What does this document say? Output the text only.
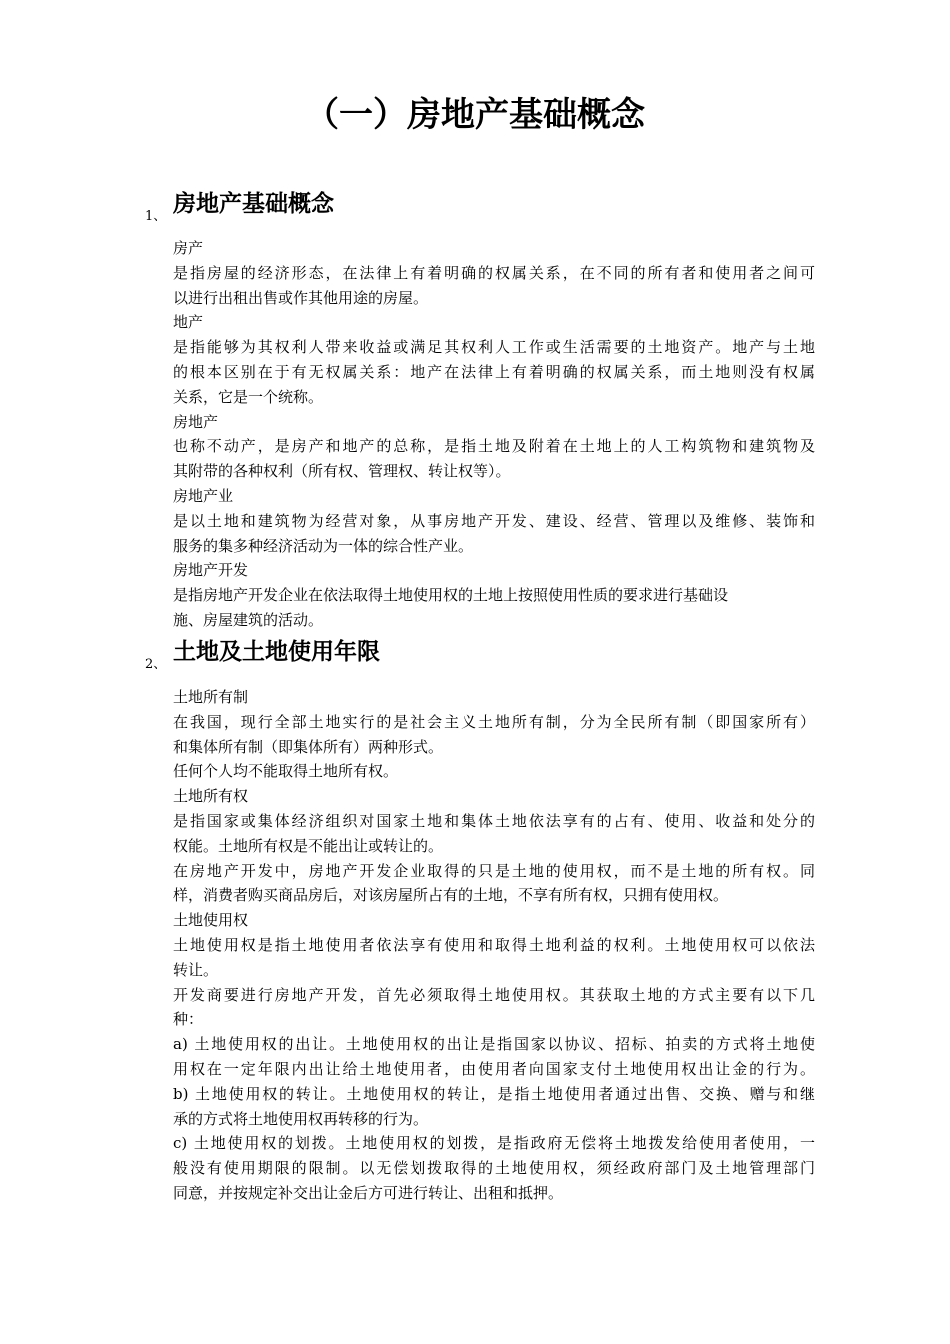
（一）房地产基础概念
1、 房地产基础概念
房产
是指房屋的经济形态，在法律上有着明确的权属关系，在不同的所有者和使用者之间可
以进行出租出售或作其他用途的房屋。
地产
是指能够为其权利人带来收益或满足其权利人工作或生活需要的土地资产。地产与土地
的根本区别在于有无权属关系：地产在法律上有着明确的权属关系，而土地则没有权属
关系，它是一个统称。
房地产
也称不动产，是房产和地产的总称，是指土地及附着在土地上的人工构筑物和建筑物及
其附带的各种权利（所有权、管理权、转让权等）。
房地产业
是以土地和建筑物为经营对象，从事房地产开发、建设、经营、管理以及维修、装饰和
服务的集多种经济活动为一体的综合性产业。
房地产开发
是指房地产开发企业在依法取得土地使用权的土地上按照使用性质的要求进行基础设
施、房屋建筑的活动。
2、 土地及土地使用年限
土地所有制
在我国，现行全部土地实行的是社会主义土地所有制，分为全民所有制（即国家所有）
和集体所有制（即集体所有）两种形式。
任何个人均不能取得土地所有权。
土地所有权
是指国家或集体经济组织对国家土地和集体土地依法享有的占有、使用、收益和处分的
权能。土地所有权是不能出让或转让的。
在房地产开发中，房地产开发企业取得的只是土地的使用权，而不是土地的所有权。同
样，消费者购买商品房后，对该房屋所占有的土地，不享有所有权，只拥有使用权。
土地使用权
土地使用权是指土地使用者依法享有使用和取得土地利益的权利。土地使用权可以依法
转让。
开发商要进行房地产开发，首先必须取得土地使用权。其获取土地的方式主要有以下几
种：
a) 土地使用权的出让。土地使用权的出让是指国家以协议、招标、拍卖的方式将土地使
用权在一定年限内出让给土地使用者，由使用者向国家支付土地使用权出让金的行为。
b) 土地使用权的转让。土地使用权的转让，是指土地使用者通过出售、交换、赠与和继
承的方式将土地使用权再转移的行为。
c) 土地使用权的划拨。土地使用权的划拨，是指政府无偿将土地拨发给使用者使用，一
般没有使用期限的限制。以无偿划拨取得的土地使用权，须经政府部门及土地管理部门
同意，并按规定补交出让金后方可进行转让、出租和抵押。
